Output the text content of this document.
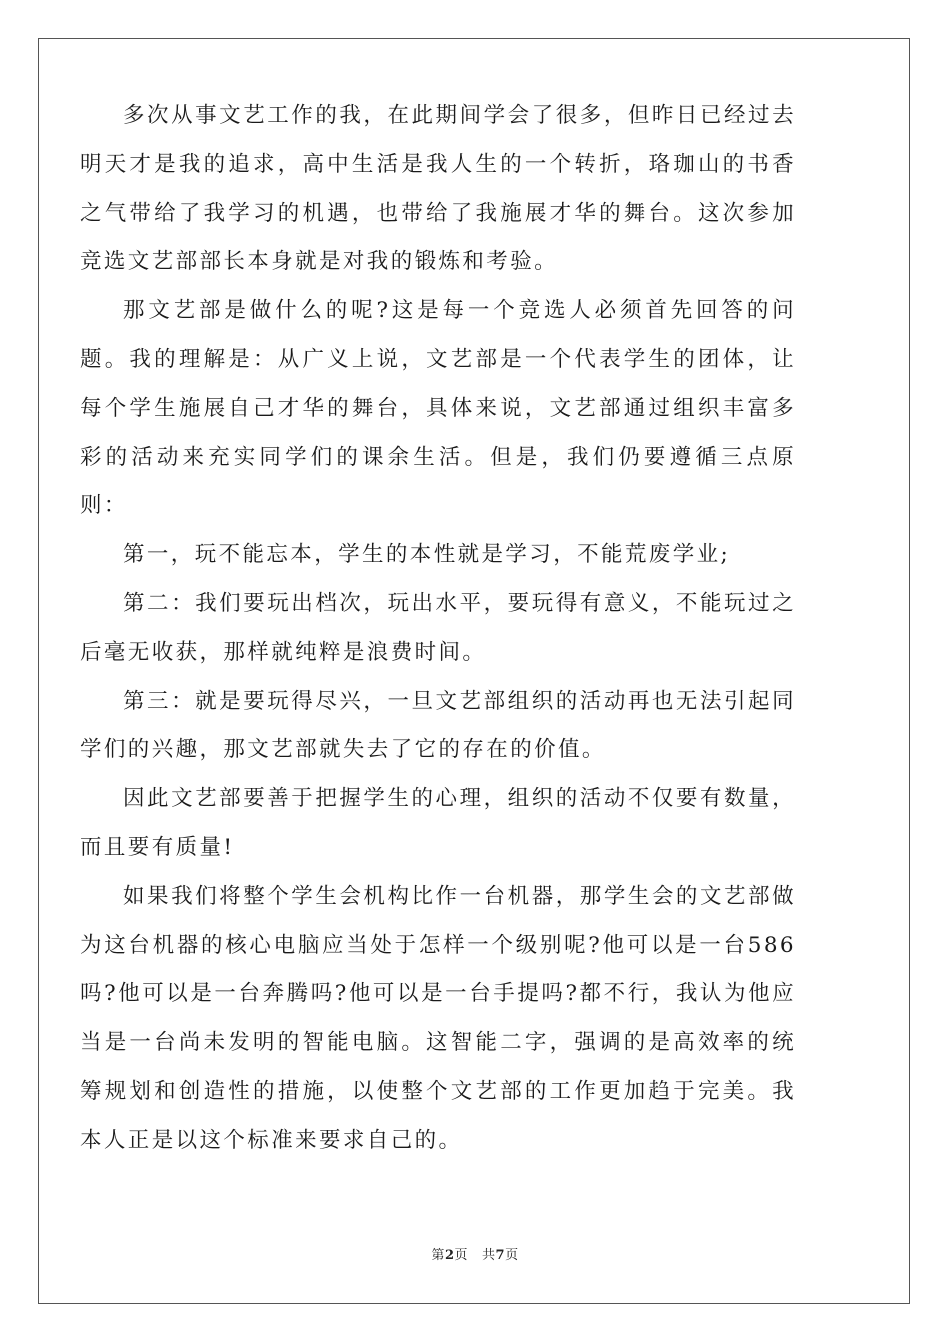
多次从事文艺工作的我，在此期间学会了很多，但昨日已经过去明天才是我的追求，高中生活是我人生的一个转折，珞珈山的书香之气带给了我学习的机遇，也带给了我施展才华的舞台。这次参加竞选文艺部部长本身就是对我的锻炼和考验。

那文艺部是做什么的呢?这是每一个竞选人必须首先回答的问题。我的理解是：从广义上说，文艺部是一个代表学生的团体，让每个学生施展自己才华的舞台，具体来说，文艺部通过组织丰富多彩的活动来充实同学们的课余生活。但是，我们仍要遵循三点原则：

第一，玩不能忘本，学生的本性就是学习，不能荒废学业;

第二：我们要玩出档次，玩出水平，要玩得有意义，不能玩过之后毫无收获，那样就纯粹是浪费时间。

第三：就是要玩得尽兴，一旦文艺部组织的活动再也无法引起同学们的兴趣，那文艺部就失去了它的存在的价值。

因此文艺部要善于把握学生的心理，组织的活动不仅要有数量，而且要有质量!

如果我们将整个学生会机构比作一台机器，那学生会的文艺部做为这台机器的核心电脑应当处于怎样一个级别呢?他可以是一台586吗?他可以是一台奔腾吗?他可以是一台手提吗?都不行，我认为他应当是一台尚未发明的智能电脑。这智能二字，强调的是高效率的统筹规划和创造性的措施，以使整个文艺部的工作更加趋于完美。我本人正是以这个标准来要求自己的。

第2页 共7页
